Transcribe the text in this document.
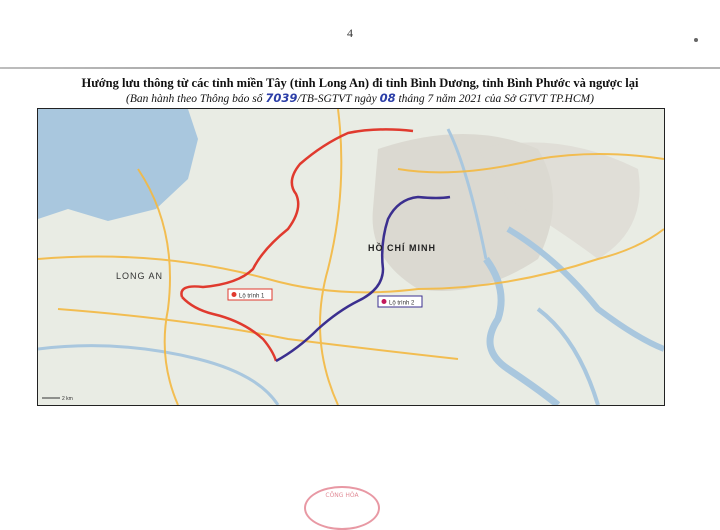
4
Hướng lưu thông từ các tỉnh miền Tây (tỉnh Long An) đi tỉnh Bình Dương, tỉnh Bình Phước và ngược lại
(Ban hành theo Thông báo số 7039/TB-SGTVT ngày 08 tháng 7 năm 2021 của Sở GTVT TP.HCM)
Lộ trình 1
Lộ trình 2
LONG AN
HỒ CHÍ MINH
2 km
CÔNG HÒA
